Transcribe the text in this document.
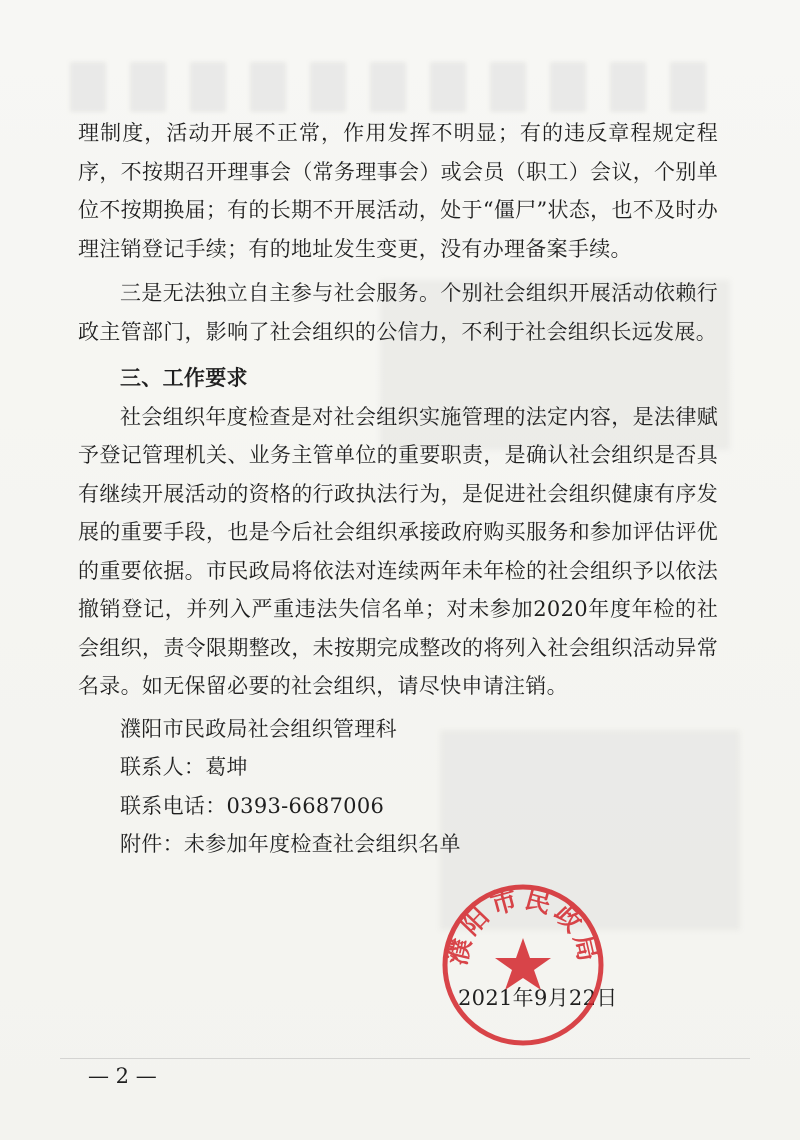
理制度，活动开展不正常，作用发挥不明显；有的违反章程规定程序，不按期召开理事会（常务理事会）或会员（职工）会议，个别单位不按期换届；有的长期不开展活动，处于“僵尸”状态，也不及时办理注销登记手续；有的地址发生变更，没有办理备案手续。

三是无法独立自主参与社会服务。个别社会组织开展活动依赖行政主管部门，影响了社会组织的公信力，不利于社会组织长远发展。

三、工作要求

社会组织年度检查是对社会组织实施管理的法定内容，是法律赋予登记管理机关、业务主管单位的重要职责，是确认社会组织是否具有继续开展活动的资格的行政执法行为，是促进社会组织健康有序发展的重要手段，也是今后社会组织承接政府购买服务和参加评估评优的重要依据。市民政局将依法对连续两年未年检的社会组织予以依法撤销登记，并列入严重违法失信名单；对未参加2020年度年检的社会组织，责令限期整改，未按期完成整改的将列入社会组织活动异常名录。如无保留必要的社会组织，请尽快申请注销。

濮阳市民政局社会组织管理科

联系人：葛坤

联系电话：0393-6687006

附件：未参加年度检查社会组织名单

2021年9月22日
濮阳市民政局
— 2 —
